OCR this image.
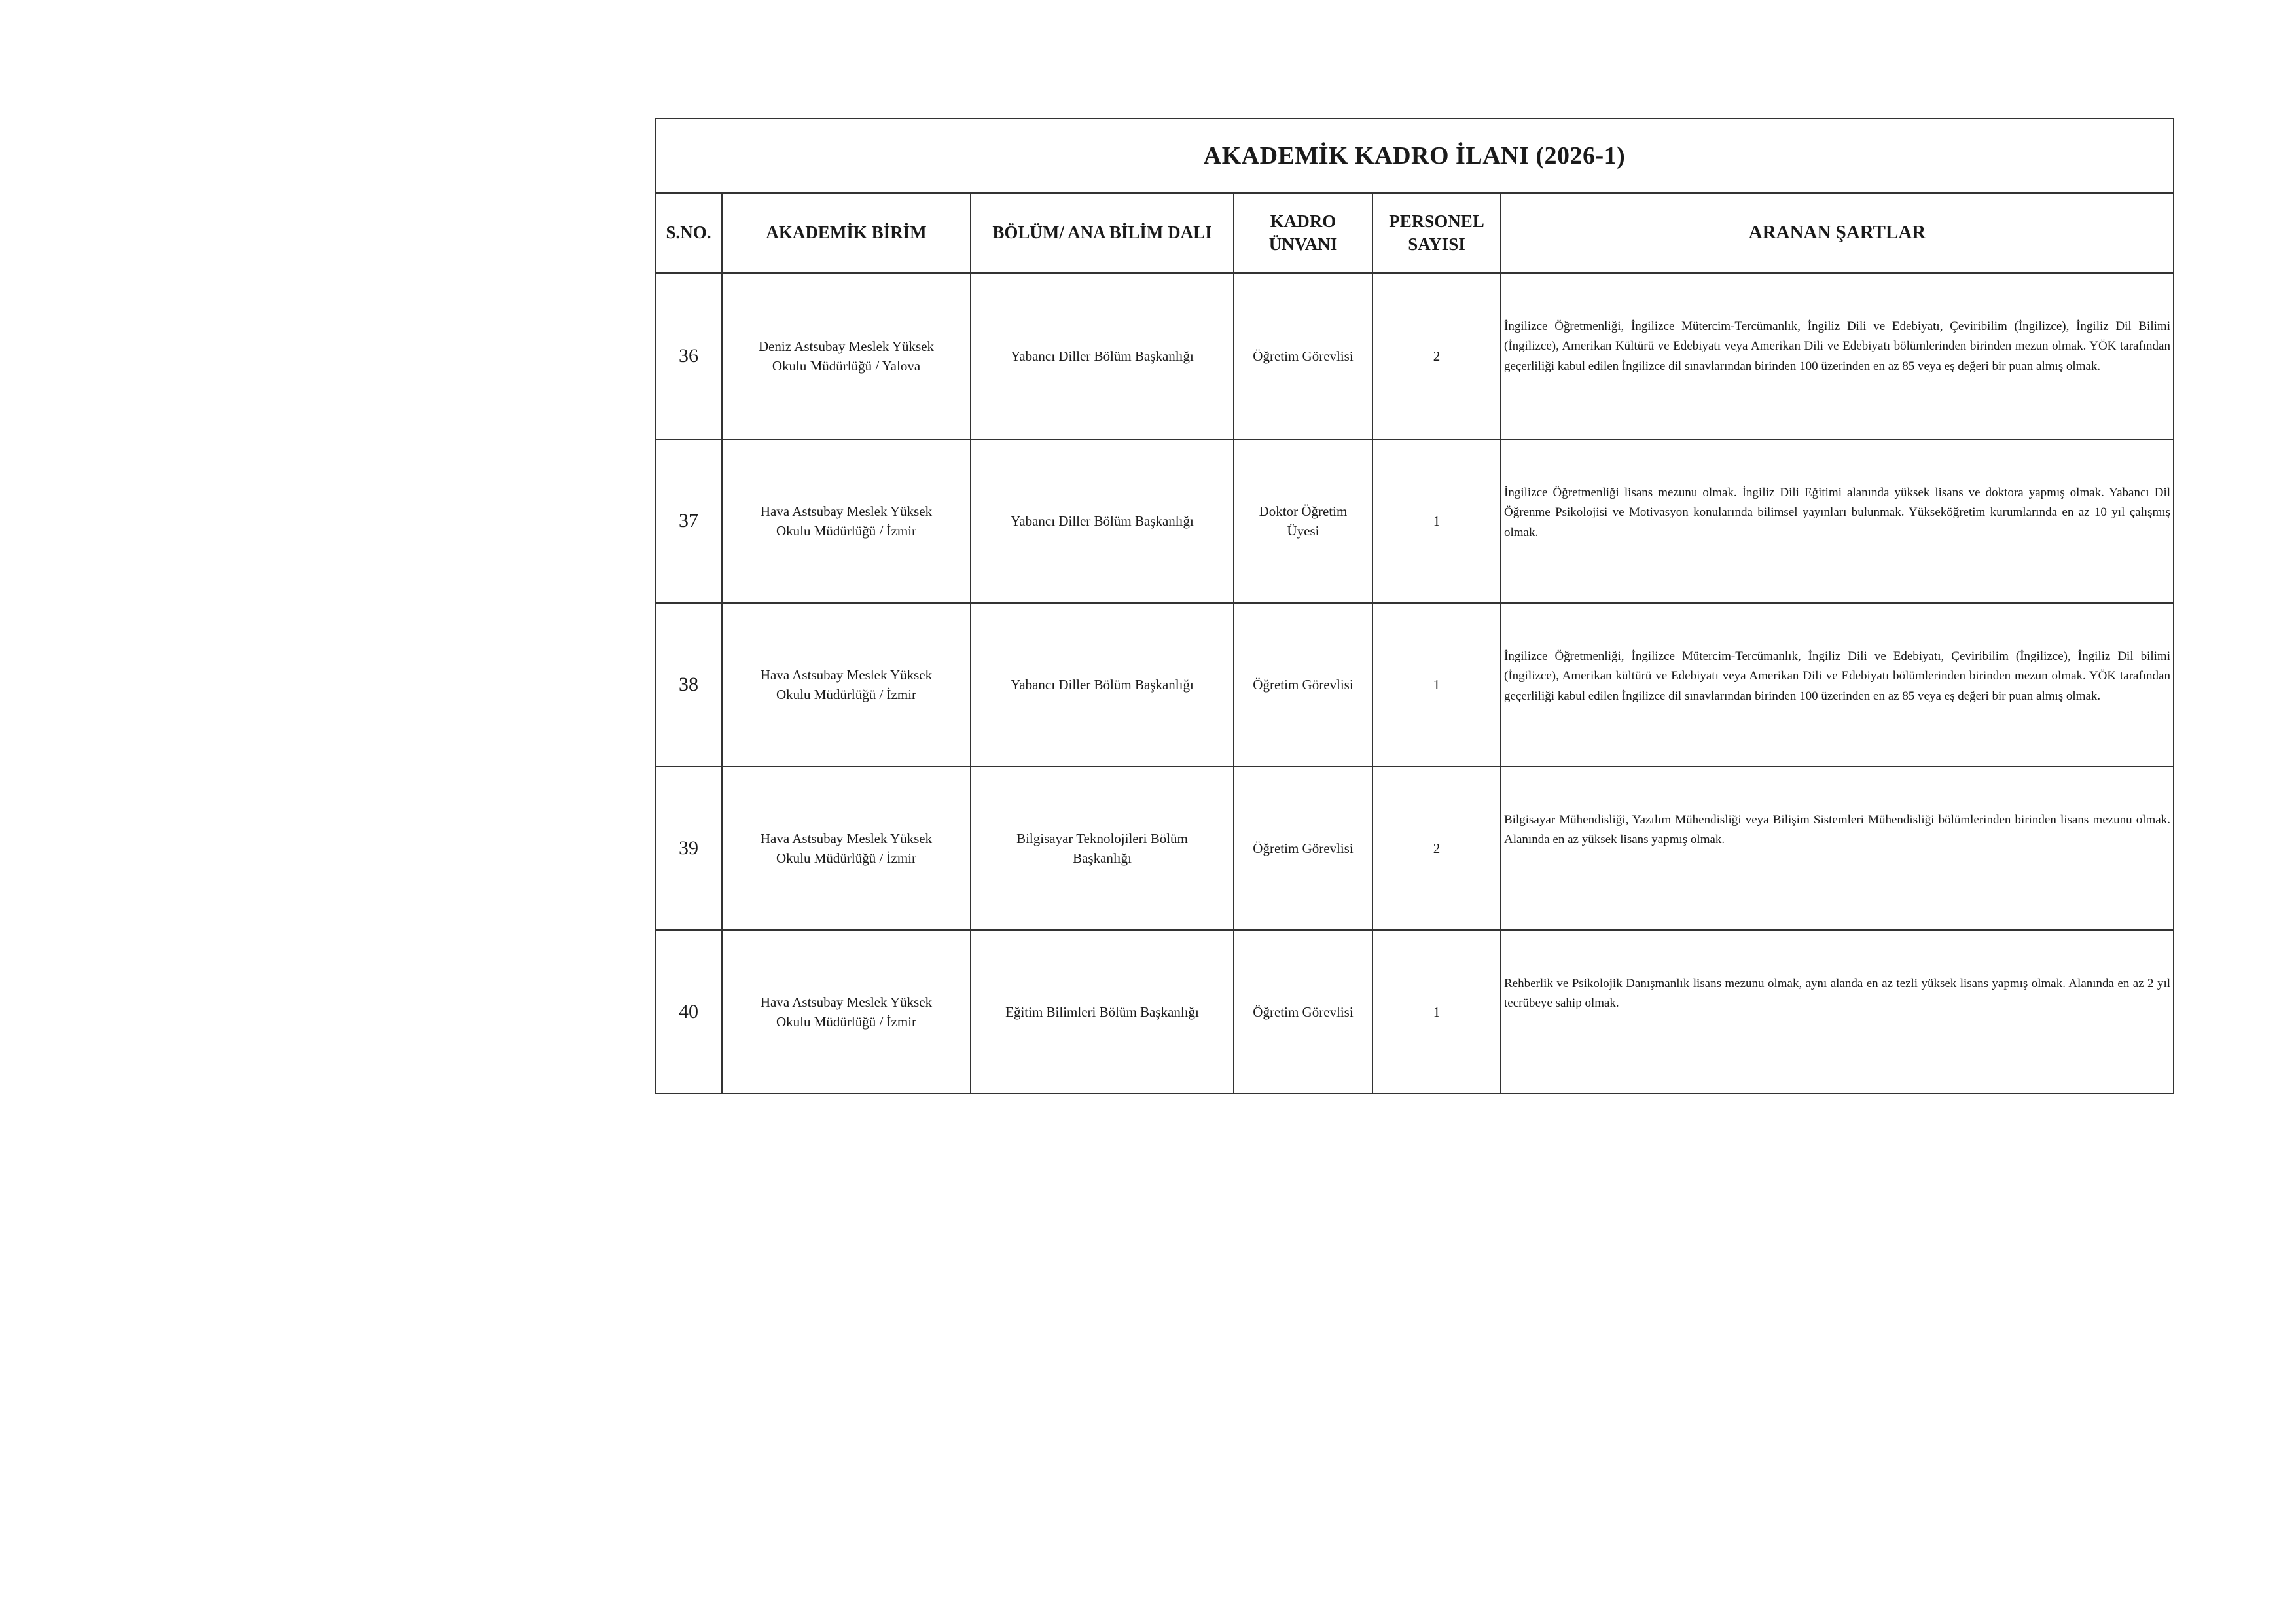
AKADEMİK KADRO İLANI (2026-1)					
S.NO.	AKADEMİK BİRİM	BÖLÜM/ ANA BİLİM DALI	KADRO
ÜNVANI	PERSONEL
SAYISI	ARANAN ŞARTLAR
36	Deniz Astsubay Meslek Yüksek
Okulu Müdürlüğü / Yalova	Yabancı Diller Bölüm Başkanlığı	Öğretim Görevlisi	2	İngilizce Öğretmenliği, İngilizce Mütercim-Tercümanlık, İngiliz Dili ve Edebiyatı, Çeviribilim (İngilizce), İngiliz Dil Bilimi (İngilizce), Amerikan Kültürü ve Edebiyatı veya Amerikan Dili ve Edebiyatı bölümlerinden birinden mezun olmak. YÖK tarafından geçerliliği kabul edilen İngilizce dil sınavlarından birinden 100 üzerinden en az 85 veya eş değeri bir puan almış olmak.

37	Hava Astsubay Meslek Yüksek
Okulu Müdürlüğü / İzmir	Yabancı Diller Bölüm Başkanlığı	Doktor Öğretim
Üyesi	1	İngilizce Öğretmenliği lisans mezunu olmak. İngiliz Dili Eğitimi alanında yüksek lisans ve doktora yapmış olmak. Yabancı Dil Öğrenme Psikolojisi ve Motivasyon konularında bilimsel yayınları bulunmak. Yükseköğretim kurumlarında en az 10 yıl çalışmış olmak.

38	Hava Astsubay Meslek Yüksek
Okulu Müdürlüğü / İzmir	Yabancı Diller Bölüm Başkanlığı	Öğretim Görevlisi	1	İngilizce Öğretmenliği, İngilizce Mütercim-Tercümanlık, İngiliz Dili ve Edebiyatı, Çeviribilim (İngilizce), İngiliz Dil bilimi (İngilizce), Amerikan kültürü ve Edebiyatı veya Amerikan Dili ve Edebiyatı bölümlerinden birinden mezun olmak. YÖK tarafından geçerliliği kabul edilen İngilizce dil sınavlarından birinden 100 üzerinden en az 85 veya eş değeri bir puan almış olmak.

39	Hava Astsubay Meslek Yüksek
Okulu Müdürlüğü / İzmir	Bilgisayar Teknolojileri Bölüm
Başkanlığı	Öğretim Görevlisi	2	Bilgisayar Mühendisliği, Yazılım Mühendisliği veya Bilişim Sistemleri Mühendisliği bölümlerinden birinden lisans mezunu olmak. Alanında en az yüksek lisans yapmış olmak.

40	Hava Astsubay Meslek Yüksek
Okulu Müdürlüğü / İzmir	Eğitim Bilimleri Bölüm Başkanlığı	Öğretim Görevlisi	1	Rehberlik ve Psikolojik Danışmanlık lisans mezunu olmak, aynı alanda en az tezli yüksek lisans yapmış olmak. Alanında en az 2 yıl tecrübeye sahip olmak.
